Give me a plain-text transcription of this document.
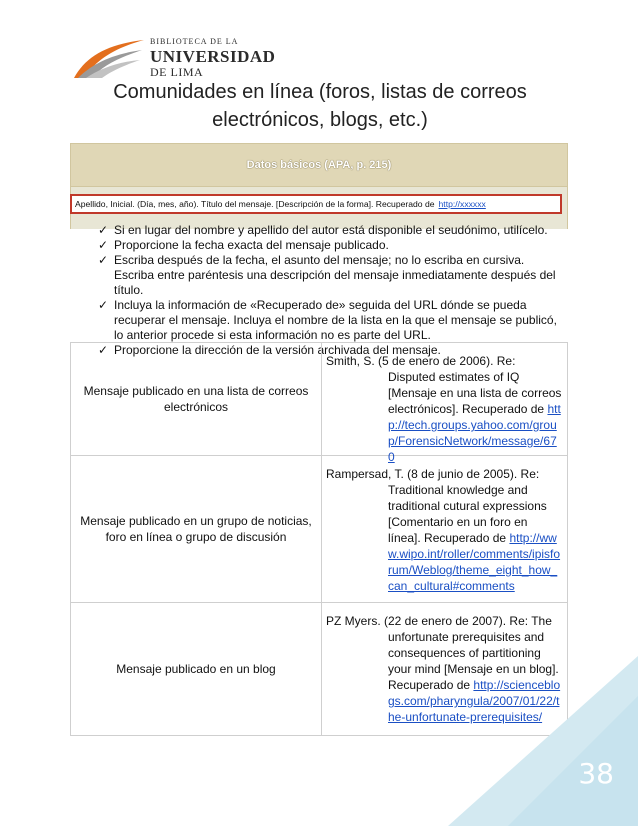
BIBLIOTECA DE LA
UNIVERSIDAD
DE LIMA
Comunidades en línea (foros, listas de correos electrónicos, blogs, etc.)
Datos básicos (APA, p. 215)
Apellido, Inicial. (Día, mes, año). Título del mensaje. [Descripción de la forma]. Recuperado de http://xxxxxx
✓ Si en lugar del nombre y apellido del autor está disponible el seudónimo, utilícelo.
✓ Proporcione la fecha exacta del mensaje publicado.
✓ Escriba después de la fecha, el asunto del mensaje; no lo escriba en cursiva. Escriba entre paréntesis una descripción del mensaje inmediatamente después del título.
✓ Incluya la información de «Recuperado de» seguida del URL dónde se pueda recuperar el mensaje. Incluya el nombre de la lista en la que el mensaje se publicó, lo anterior procede si esta información no es parte del URL.
✓ Proporcione la dirección de la versión archivada del mensaje.
Mensaje publicado en una lista de correos electrónicos
Smith, S. (5 de enero de 2006). Re:
Disputed estimates of IQ [Mensaje en una lista de correos electrónicos]. Recuperado de http://tech.groups.yahoo.com/group/ForensicNetwork/message/670
Mensaje publicado en un grupo de noticias, foro en línea o grupo de discusión
Rampersad, T. (8 de junio de 2005). Re:
Traditional knowledge and traditional cutural expressions [Comentario en un foro en línea]. Recuperado de http://www.wipo.int/roller/comments/ipisforum/Weblog/theme_eight_how_can_cultural#comments
Mensaje publicado en un blog
PZ Myers. (22 de enero de 2007). Re: The
unfortunate prerequisites and consequences of partitioning your mind [Mensaje en un blog]. Recuperado de http://scienceblogs.com/pharyngula/2007/01/22/the-unfortunate-prerequisites/
38
